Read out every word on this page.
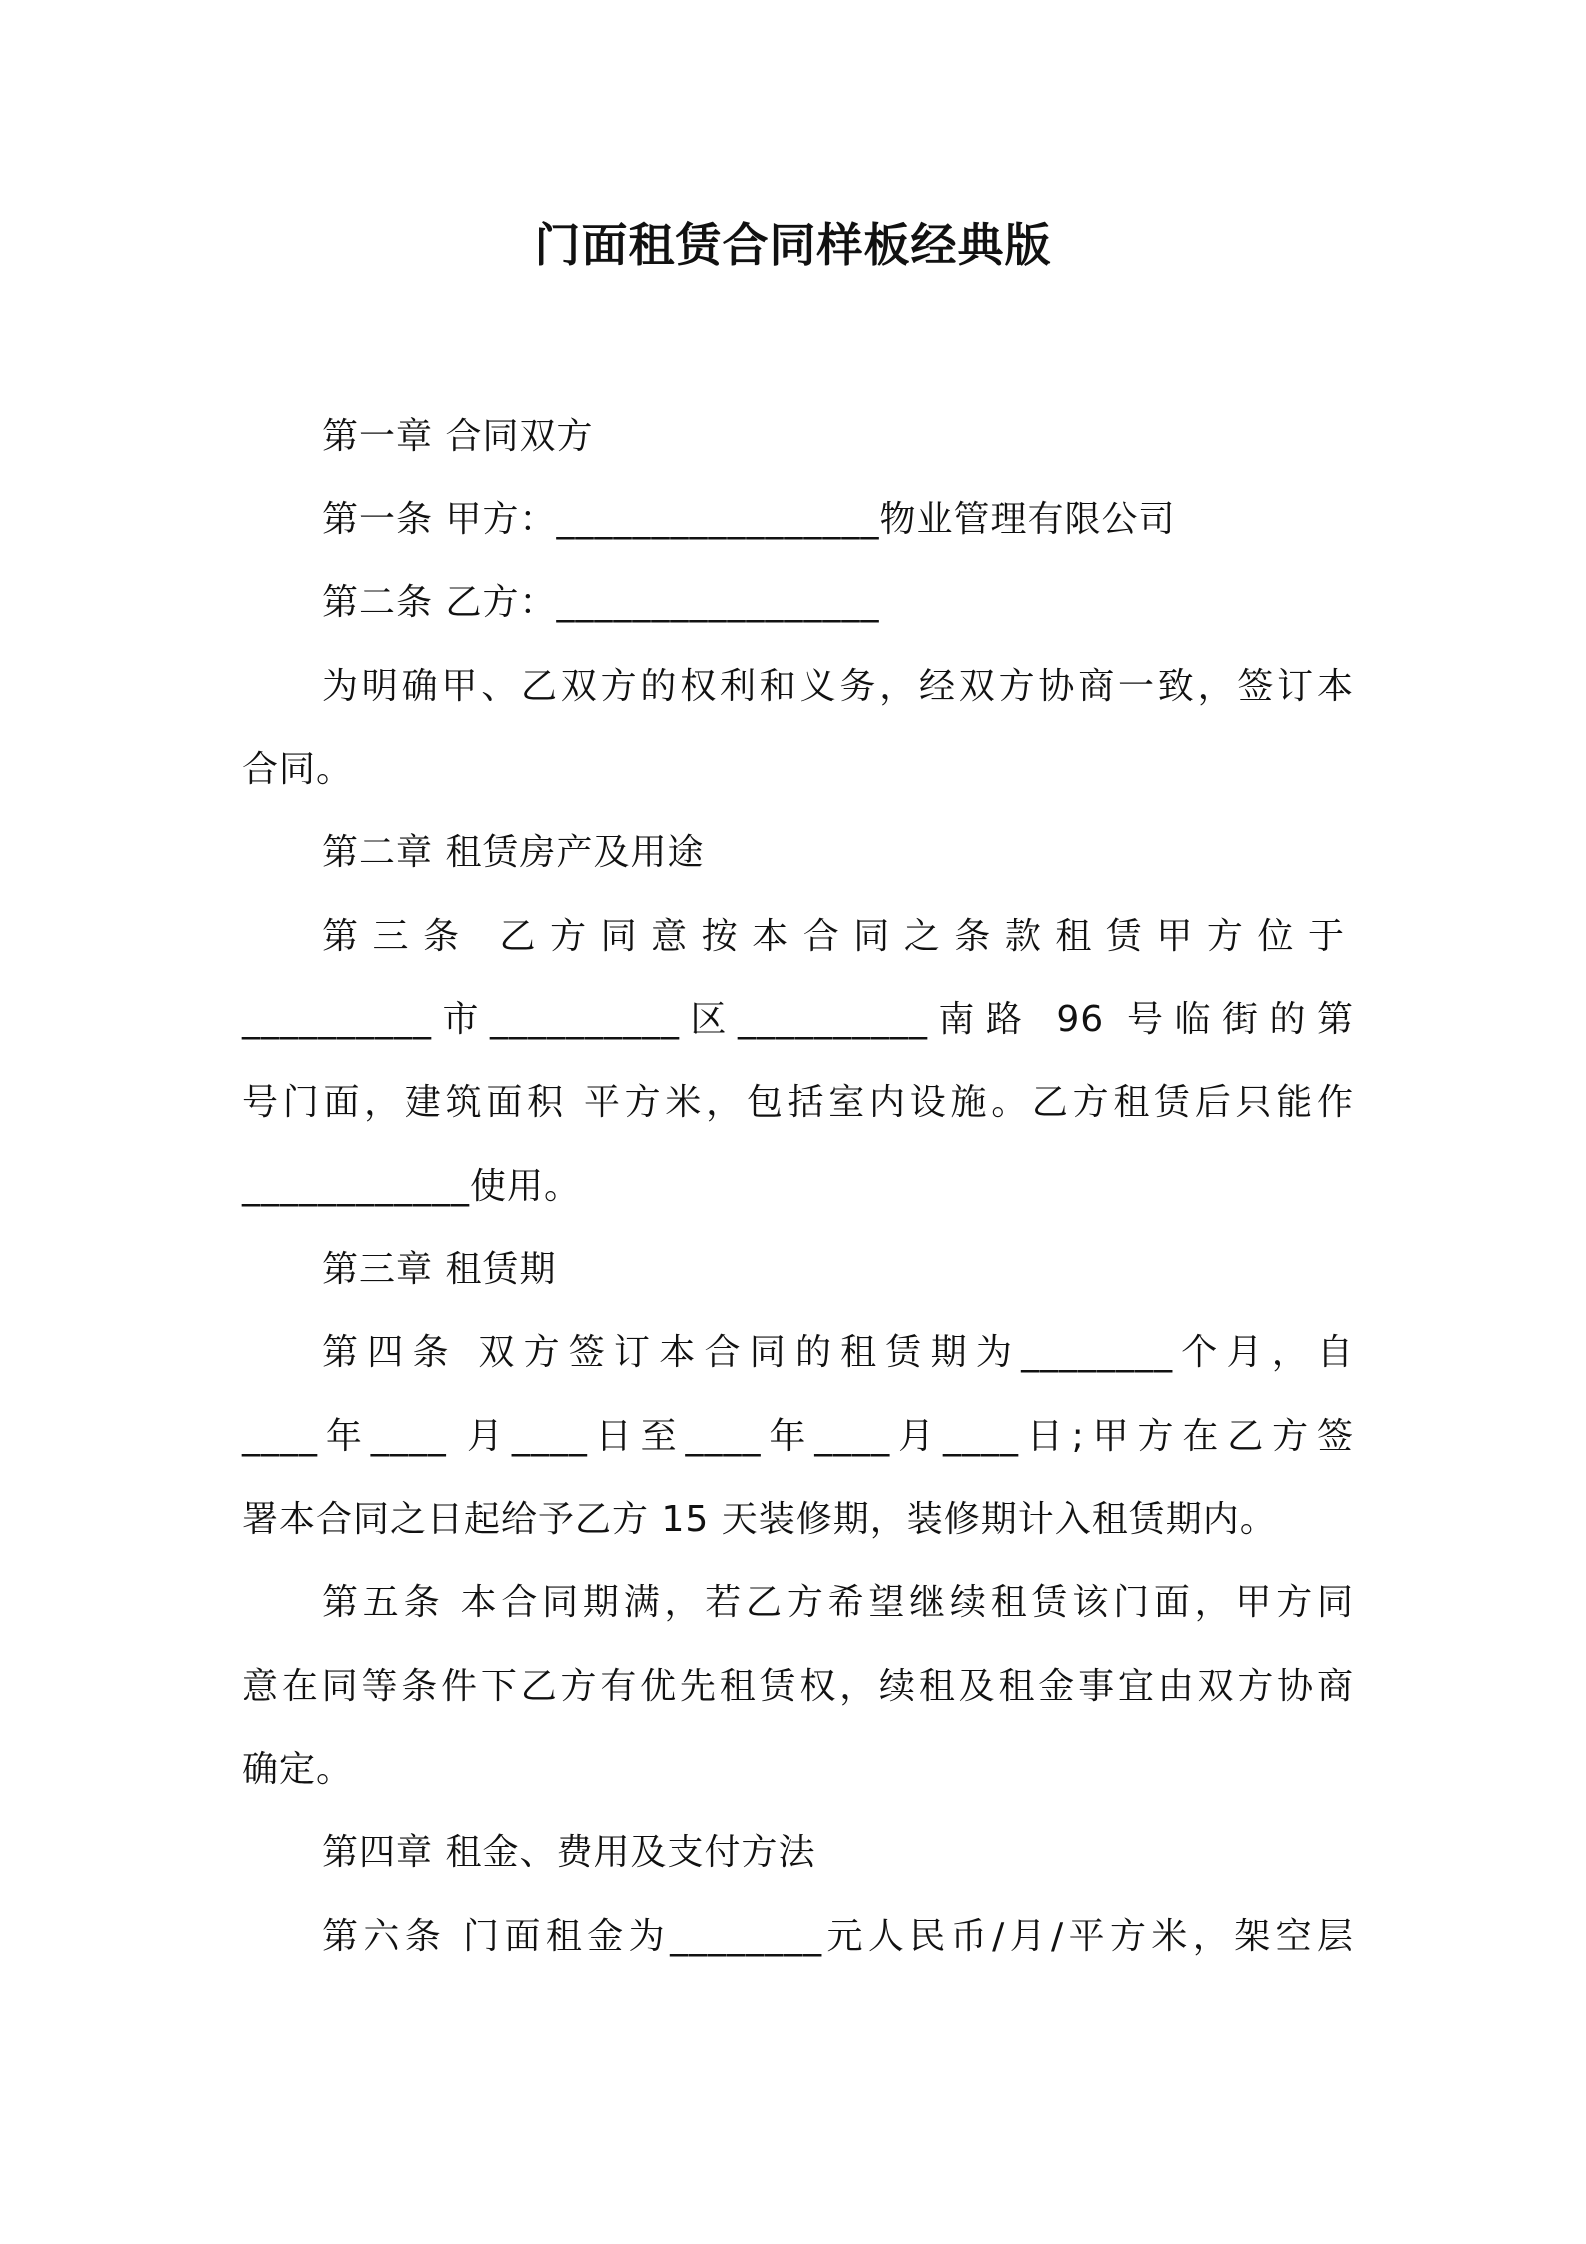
门面租赁合同样板经典版
第一章 合同双方
第一条 甲方：_________________物业管理有限公司
第二条 乙方：_________________
为明确甲、乙双方的权利和义务，经双方协商一致，签订本
合同。
第二章 租赁房产及用途
第三条 乙方同意按本合同之条款租赁甲方位于
__________市__________区__________南路 96 号临街的第
号门面，建筑面积 平方米，包括室内设施。乙方租赁后只能作
____________使用。
第三章 租赁期
第四条 双方签订本合同的租赁期为________个月，自
____年____ 月____日至____年____月____日;甲方在乙方签
署本合同之日起给予乙方 15 天装修期，装修期计入租赁期内。
第五条 本合同期满，若乙方希望继续租赁该门面，甲方同
意在同等条件下乙方有优先租赁权，续租及租金事宜由双方协商
确定。
第四章 租金、费用及支付方法
第六条 门面租金为________元人民币/月/平方米，架空层
